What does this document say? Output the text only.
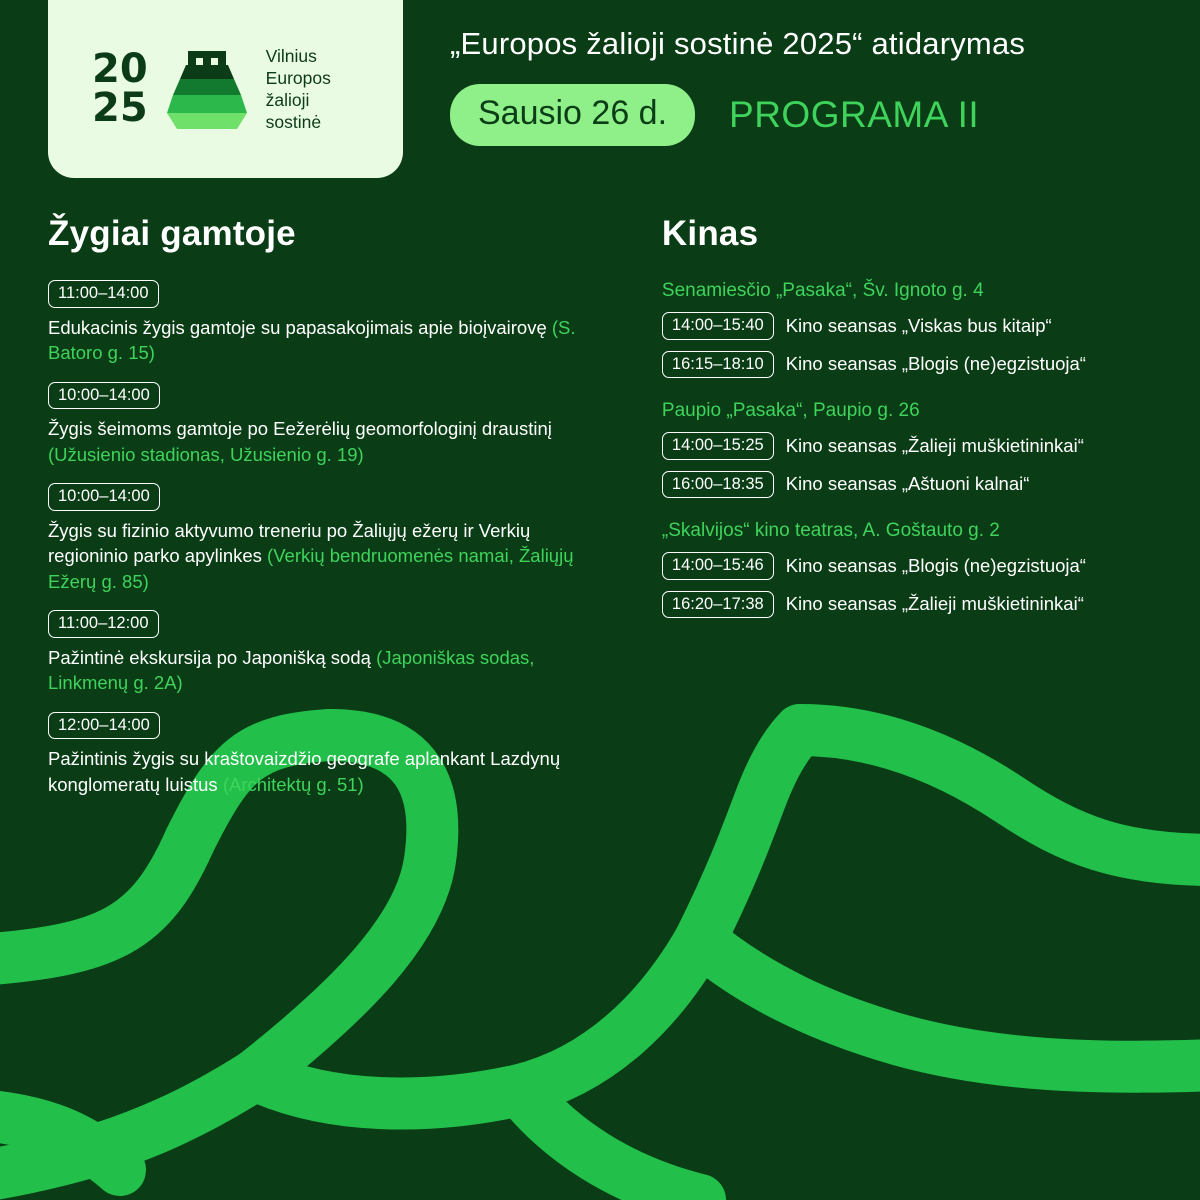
20
25
Vilnius
Europos
žalioji
sostinė
„Europos žalioji sostinė 2025“ atidarymas
Sausio 26 d.	PROGRAMA II
Žygiai gamtoje
11:00–14:00
Edukacinis žygis gamtoje su papasakojimais apie bioįvairovę (S. Batoro g. 15)
10:00–14:00
Žygis šeimoms gamtoje po Eežerėlių geomorfologinį draustinį (Užusienio stadionas, Užusienio g. 19)
10:00–14:00
Žygis su fizinio aktyvumo treneriu po Žaliųjų ežerų ir Verkių regioninio parko apylinkes (Verkių bendruomenės namai, Žaliųjų Ežerų g. 85)
11:00–12:00
Pažintinė ekskursija po Japonišką sodą (Japoniškas sodas, Linkmenų g. 2A)
12:00–14:00
Pažintinis žygis su kraštovaizdžio geografe aplankant Lazdynų konglomeratų luistus (Architektų g. 51)
Kinas
Senamiesčio „Pasaka“, Šv. Ignoto g. 4
14:00–15:40	Kino seansas „Viskas bus kitaip“
16:15–18:10	Kino seansas „Blogis (ne)egzistuoja“
Paupio „Pasaka“, Paupio g. 26
14:00–15:25	Kino seansas „Žalieji muškietininkai“
16:00–18:35	Kino seansas „Aštuoni kalnai“
„Skalvijos“ kino teatras, A. Goštauto g. 2
14:00–15:46	Kino seansas „Blogis (ne)egzistuoja“
16:20–17:38	Kino seansas „Žalieji muškietininkai“
